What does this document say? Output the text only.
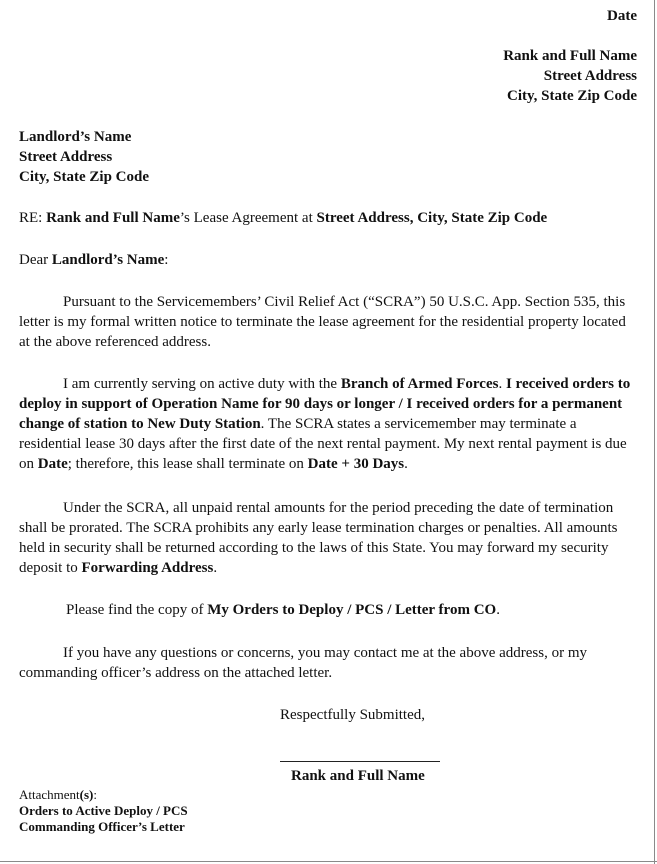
Date
Rank and Full Name
Street Address
City, State Zip Code
Landlord’s Name
Street Address
City, State Zip Code
RE: Rank and Full Name’s Lease Agreement at Street Address, City, State Zip Code
Dear Landlord’s Name:
Pursuant to the Servicemembers’ Civil Relief Act (“SCRA”) 50 U.S.C. App. Section 535, this letter is my formal written notice to terminate the lease agreement for the residential property located at the above referenced address.
I am currently serving on active duty with the Branch of Armed Forces. I received orders to deploy in support of Operation Name for 90 days or longer / I received orders for a permanent change of station to New Duty Station. The SCRA states a servicemember may terminate a residential lease 30 days after the first date of the next rental payment. My next rental payment is due on Date; therefore, this lease shall terminate on Date + 30 Days.
Under the SCRA, all unpaid rental amounts for the period preceding the date of termination shall be prorated. The SCRA prohibits any early lease termination charges or penalties. All amounts held in security shall be returned according to the laws of this State. You may forward my security deposit to Forwarding Address.
Please find the copy of My Orders to Deploy / PCS / Letter from CO.
If you have any questions or concerns, you may contact me at the above address, or my commanding officer’s address on the attached letter.
Respectfully Submitted,
Rank and Full Name
Attachment(s):
Orders to Active Deploy / PCS
Commanding Officer’s Letter
